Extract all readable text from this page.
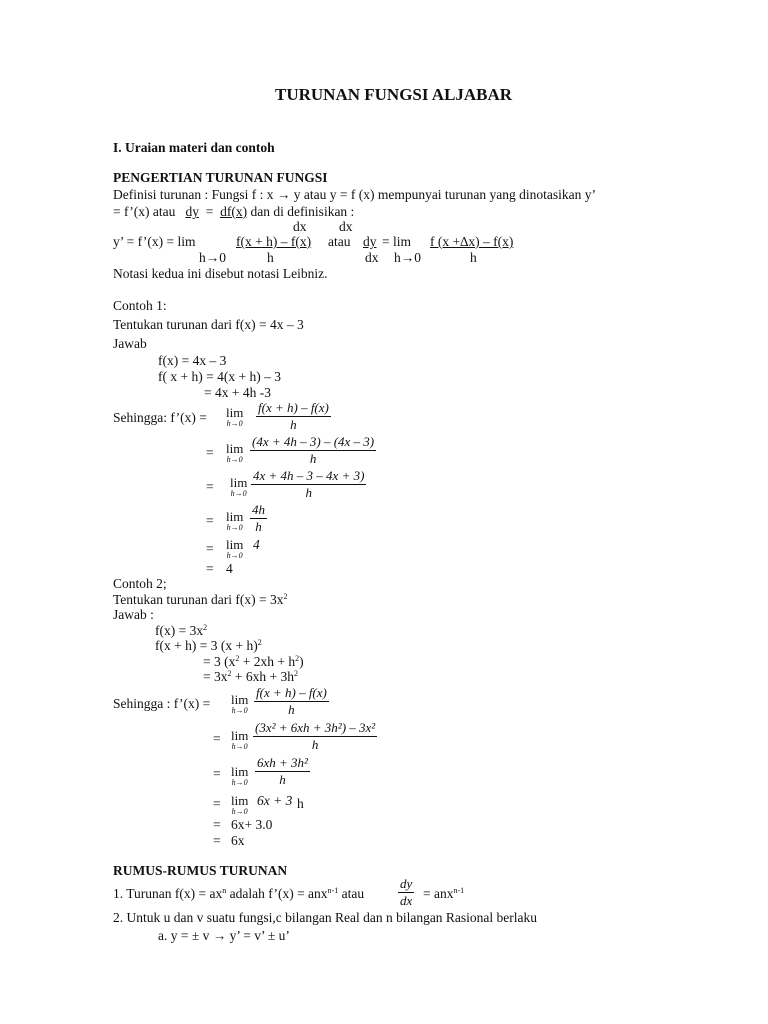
TURUNAN FUNGSI ALJABAR
I. Uraian materi dan contoh
PENGERTIAN TURUNAN FUNGSI
Definisi turunan : Fungsi f : x → y atau y = f (x) mempunyai turunan yang dinotasikan y’
= f’(x) atau dy = df(x) dan di definisikan :
dx dx
y’ = f’(x) = lim	f(x + h) – f(x) atau dy = lim f (x +∆x) – f(x)
h→0	h	dx h→0	h
Notasi kedua ini disebut notasi Leibniz.
Contoh 1:
Tentukan turunan dari f(x) = 4x – 3
Jawab
f(x) = 4x – 3
f( x + h) = 4(x + h) – 3
= 4x + 4h -3
Sehingga: f’(x) = lim
h→0
f(x + h) – f(x)
h
= lim
h→0
(4x + 4h – 3) – (4x – 3)
h
= lim
h→0
4x + 4h – 3 – 4x + 3)
h
= lim
h→0
4h
h
= lim
h→0
4
= 4
Contoh 2;
Tentukan turunan dari $f(x) = 3x^2$
Jawab :
$f(x) = 3x^2$
f(x + h) = 3 $(x + h)^2$
= 3 $(x^2 + 2xh + h^2)$
= $3x^2 + 6xh + 3h^2$
Sehingga : f’(x) = lim
h→0
f(x + h) – f(x)
h
= lim
h→0
(3x² + 6xh + 3h²) – 3x²
h
= lim
h→0
6xh + 3h²
h
= lim
h→0
6x + 3 h
= 6x+ 3.0
= 6x
RUMUS-RUMUS TURUNAN
1. Turunan $f(x) = ax^n$ adalah f’(x) = anx$^{n-1}$ atau
dy
dx = anx$^{n-1}$
2. Untuk u dan v suatu fungsi,c bilangan Real dan n bilangan Rasional berlaku
a. y = ± v → y’ = v’ ± u’
